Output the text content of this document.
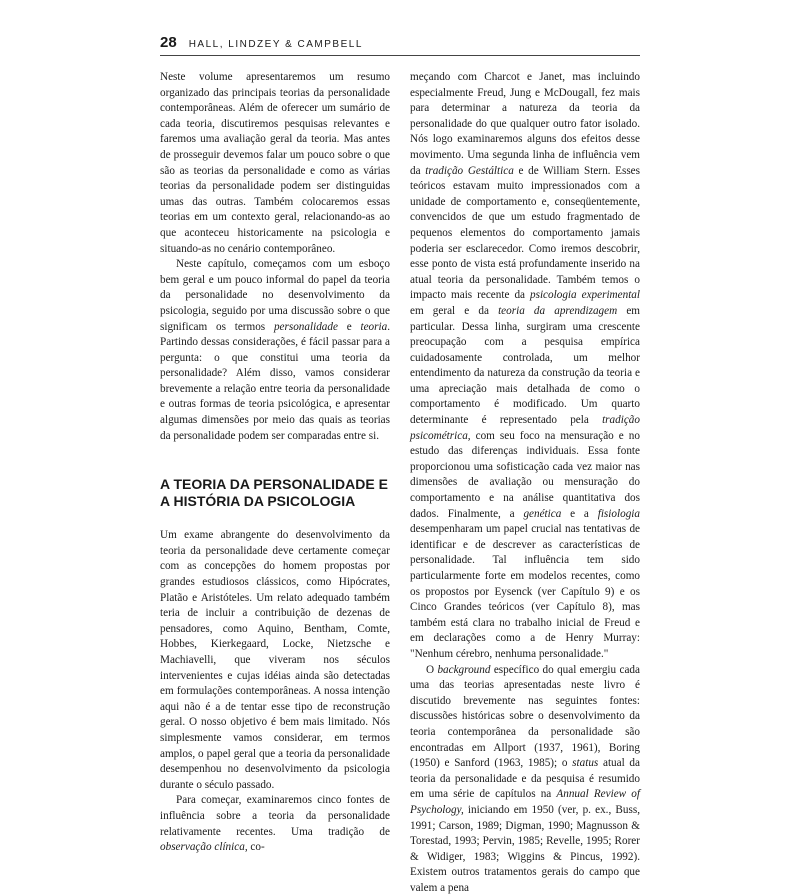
28 HALL, LINDZEY & CAMPBELL

Neste volume apresentaremos um resumo organizado das principais teorias da personalidade contemporâneas. Além de oferecer um sumário de cada teoria, discutiremos pesquisas relevantes e faremos uma avaliação geral da teoria. Mas antes de prosseguir devemos falar um pouco sobre o que são as teorias da personalidade e como as várias teorias da personalidade podem ser distinguidas umas das outras. Também colocaremos essas teorias em um contexto geral, relacionando-as ao que aconteceu historicamente na psicologia e situando-as no cenário contemporâneo.

Neste capítulo, começamos com um esboço bem geral e um pouco informal do papel da teoria da personalidade no desenvolvimento da psicologia, seguido por uma discussão sobre o que significam os termos personalidade e teoria. Partindo dessas considerações, é fácil passar para a pergunta: o que constitui uma teoria da personalidade? Além disso, vamos considerar brevemente a relação entre teoria da personalidade e outras formas de teoria psicológica, e apresentar algumas dimensões por meio das quais as teorias da personalidade podem ser comparadas entre si.

A TEORIA DA PERSONALIDADE E A HISTÓRIA DA PSICOLOGIA

Um exame abrangente do desenvolvimento da teoria da personalidade deve certamente começar com as concepções do homem propostas por grandes estudiosos clássicos, como Hipócrates, Platão e Aristóteles. Um relato adequado também teria de incluir a contribuição de dezenas de pensadores, como Aquino, Bentham, Comte, Hobbes, Kierkegaard, Locke, Nietzsche e Machiavelli, que viveram nos séculos intervenientes e cujas idéias ainda são detectadas em formulações contemporâneas. A nossa intenção aqui não é a de tentar esse tipo de reconstrução geral. O nosso objetivo é bem mais limitado. Nós simplesmente vamos considerar, em termos amplos, o papel geral que a teoria da personalidade desempenhou no desenvolvimento da psicologia durante o século passado.

Para começar, examinaremos cinco fontes de influência sobre a teoria da personalidade relativamente recentes. Uma tradição de observação clínica, co-

meçando com Charcot e Janet, mas incluindo especialmente Freud, Jung e McDougall, fez mais para determinar a natureza da teoria da personalidade do que qualquer outro fator isolado. Nós logo examinaremos alguns dos efeitos desse movimento. Uma segunda linha de influência vem da tradição Gestáltica e de William Stern. Esses teóricos estavam muito impressionados com a unidade de comportamento e, conseqüentemente, convencidos de que um estudo fragmentado de pequenos elementos do comportamento jamais poderia ser esclarecedor. Como iremos descobrir, esse ponto de vista está profundamente inserido na atual teoria da personalidade. Também temos o impacto mais recente da psicologia experimental em geral e da teoria da aprendizagem em particular. Dessa linha, surgiram uma crescente preocupação com a pesquisa empírica cuidadosamente controlada, um melhor entendimento da natureza da construção da teoria e uma apreciação mais detalhada de como o comportamento é modificado. Um quarto determinante é representado pela tradição psicométrica, com seu foco na mensuração e no estudo das diferenças individuais. Essa fonte proporcionou uma sofisticação cada vez maior nas dimensões de avaliação ou mensuração do comportamento e na análise quantitativa dos dados. Finalmente, a genética e a fisiologia desempenharam um papel crucial nas tentativas de identificar e de descrever as características de personalidade. Tal influência tem sido particularmente forte em modelos recentes, como os propostos por Eysenck (ver Capítulo 9) e os Cinco Grandes teóricos (ver Capítulo 8), mas também está clara no trabalho inicial de Freud e em declarações como a de Henry Murray: "Nenhum cérebro, nenhuma personalidade."

O background específico do qual emergiu cada uma das teorias apresentadas neste livro é discutido brevemente nas seguintes fontes: discussões históricas sobre o desenvolvimento da teoria contemporânea da personalidade são encontradas em Allport (1937, 1961), Boring (1950) e Sanford (1963, 1985); o status atual da teoria da personalidade e da pesquisa é resumido em uma série de capítulos na Annual Review of Psychology, iniciando em 1950 (ver, p. ex., Buss, 1991; Carson, 1989; Digman, 1990; Magnusson & Torestad, 1993; Pervin, 1985; Revelle, 1995; Rorer & Widiger, 1983; Wiggins & Pincus, 1992). Existem outros tratamentos gerais do campo que valem a pena
